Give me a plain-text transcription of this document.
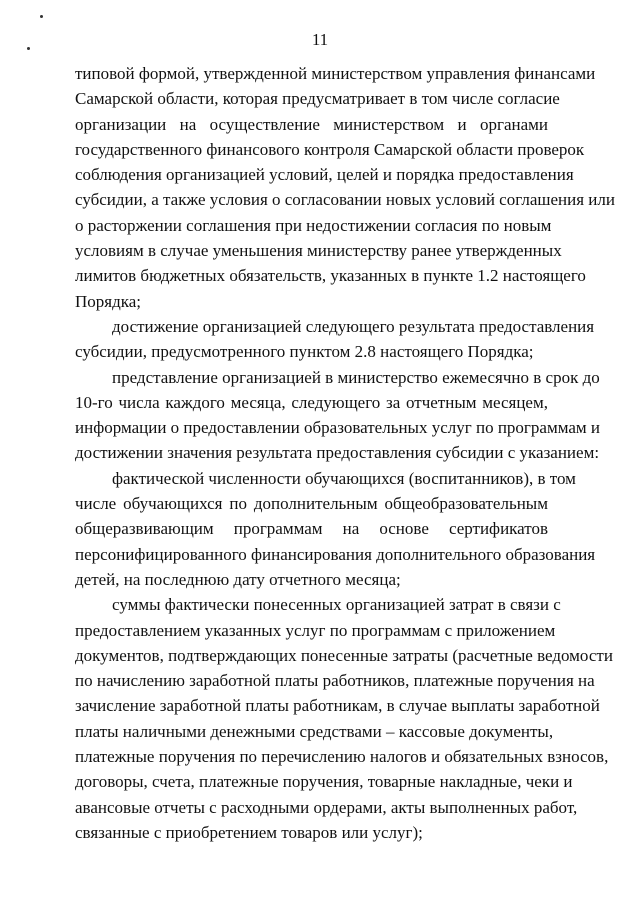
11
типовой формой, утвержденной министерством управления финансами
Самарской области, которая предусматривает в том числе согласие
организации на осуществление министерством и органами
государственного финансового контроля Самарской области проверок
соблюдения организацией условий, целей и порядка предоставления
субсидии, а также условия о согласовании новых условий соглашения или
о расторжении соглашения при недостижении согласия по новым
условиям в случае уменьшения министерству ранее утвержденных
лимитов бюджетных обязательств, указанных в пункте 1.2 настоящего
Порядка;
достижение организацией следующего результата предоставления
субсидии, предусмотренного пунктом 2.8 настоящего Порядка;
представление организацией в министерство ежемесячно в срок до
10-го числа каждого месяца, следующего за отчетным месяцем,
информации о предоставлении образовательных услуг по программам и
достижении значения результата предоставления субсидии с указанием:
фактической численности обучающихся (воспитанников), в том
числе обучающихся по дополнительным общеобразовательным
общеразвивающим программам на основе сертификатов
персонифицированного финансирования дополнительного образования
детей, на последнюю дату отчетного месяца;
суммы фактически понесенных организацией затрат в связи с
предоставлением указанных услуг по программам с приложением
документов, подтверждающих понесенные затраты (расчетные ведомости
по начислению заработной платы работников, платежные поручения на
зачисление заработной платы работникам, в случае выплаты заработной
платы наличными денежными средствами – кассовые документы,
платежные поручения по перечислению налогов и обязательных взносов,
договоры, счета, платежные поручения, товарные накладные, чеки и
авансовые отчеты с расходными ордерами, акты выполненных работ,
связанные с приобретением товаров или услуг);
